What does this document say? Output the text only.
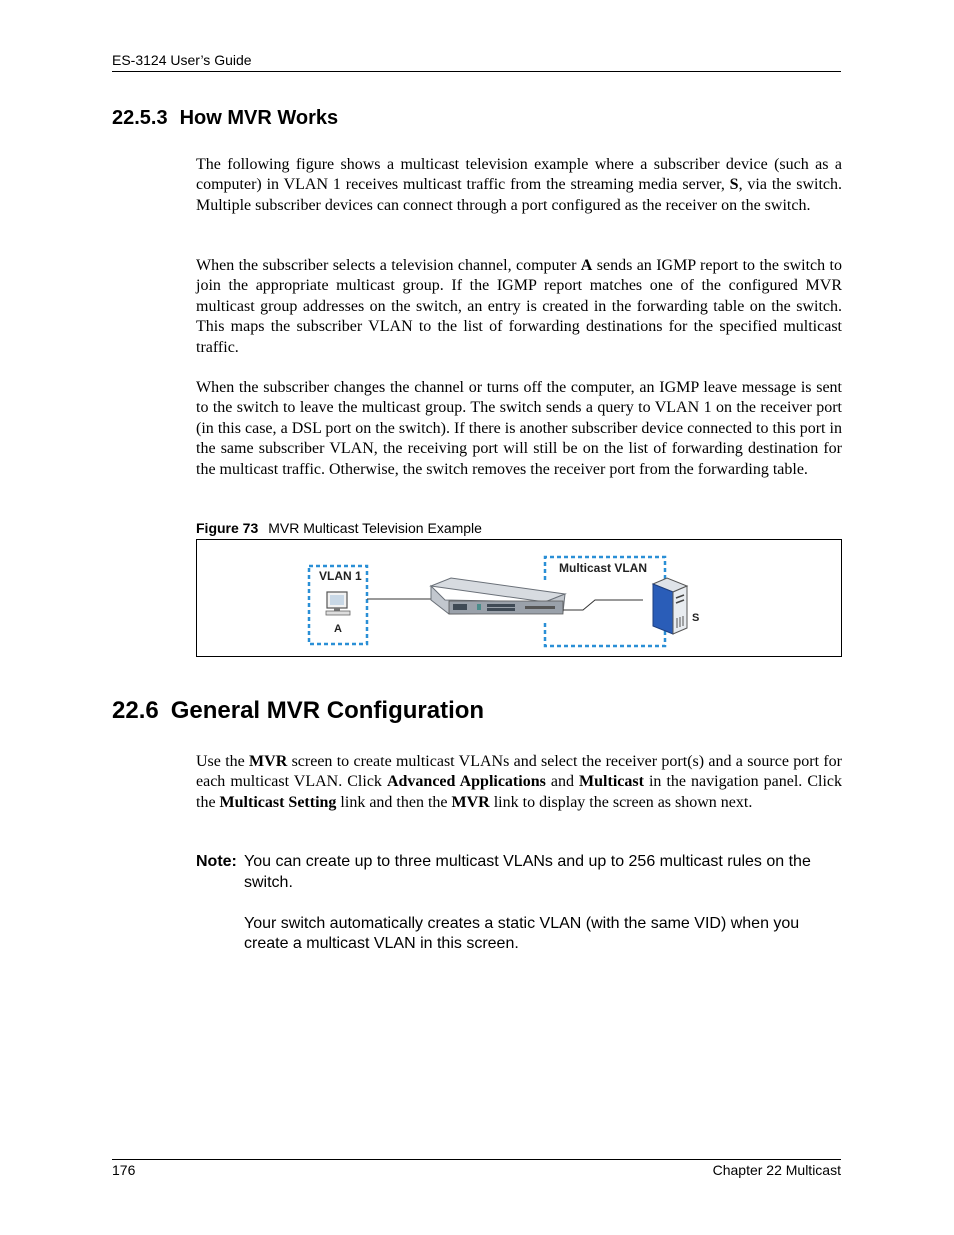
ES-3124 User’s Guide
22.5.3 How MVR Works

The following figure shows a multicast television example where a subscriber device (such as a computer) in VLAN 1 receives multicast traffic from the streaming media server, S, via the switch. Multiple subscriber devices can connect through a port configured as the receiver on the switch.

When the subscriber selects a television channel, computer A sends an IGMP report to the switch to join the appropriate multicast group. If the IGMP report matches one of the configured MVR multicast group addresses on the switch, an entry is created in the forwarding table on the switch. This maps the subscriber VLAN to the list of forwarding destinations for the specified multicast traffic.

When the subscriber changes the channel or turns off the computer, an IGMP leave message is sent to the switch to leave the multicast group. The switch sends a query to VLAN 1 on the receiver port (in this case, a DSL port on the switch). If there is another subscriber device connected to this port in the same subscriber VLAN, the receiving port will still be on the list of forwarding destination for the multicast traffic. Otherwise, the switch removes the receiver port from the forwarding table.

Figure 73 MVR Multicast Television Example
VLAN 1
A
Multicast VLAN
S
22.6 General MVR Configuration

Use the MVR screen to create multicast VLANs and select the receiver port(s) and a source port for each multicast VLAN. Click Advanced Applications and Multicast in the navigation panel. Click the Multicast Setting link and then the MVR link to display the screen as shown next.

Note: You can create up to three multicast VLANs and up to 256 multicast rules on the switch.

Your switch automatically creates a static VLAN (with the same VID) when you create a multicast VLAN in this screen.

176	Chapter 22 Multicast
